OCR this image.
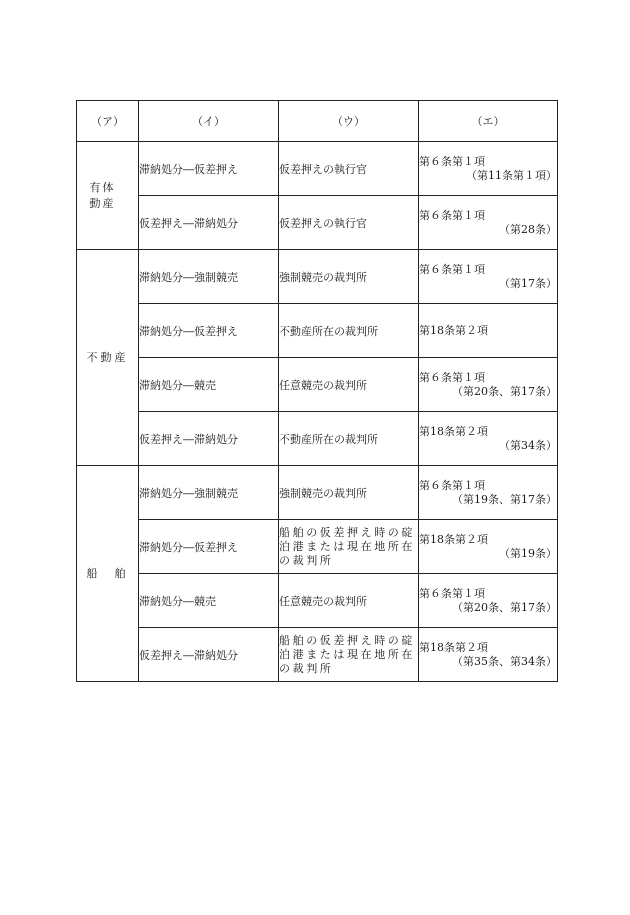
（ア）	（イ）	（ウ）	（エ）
有体動産	滞納処分―仮差押え	仮差押えの執行官	第６条第１項
（第11条第１項）

	仮差押え―滞納処分	仮差押えの執行官	第６条第１項
（第28条）

不動産	滞納処分―強制競売	強制競売の裁判所	第６条第１項
（第17条）

	滞納処分―仮差押え	不動産所在の裁判所	第18条第２項

	滞納処分―競売	任意競売の裁判所	第６条第１項
（第20条、第17条）

	仮差押え―滞納処分	不動産所在の裁判所	第18条第２項
（第34条）

船　舶	滞納処分―強制競売	強制競売の裁判所	第６条第１項
（第19条、第17条）

	滞納処分―仮差押え	船舶の仮差押え時の碇泊港または現在地所在の裁判所	第18条第２項
（第19条）

	滞納処分―競売	任意競売の裁判所	第６条第１項
（第20条、第17条）

	仮差押え―滞納処分	船舶の仮差押え時の碇泊港または現在地所在の裁判所	第18条第２項
（第35条、第34条）
